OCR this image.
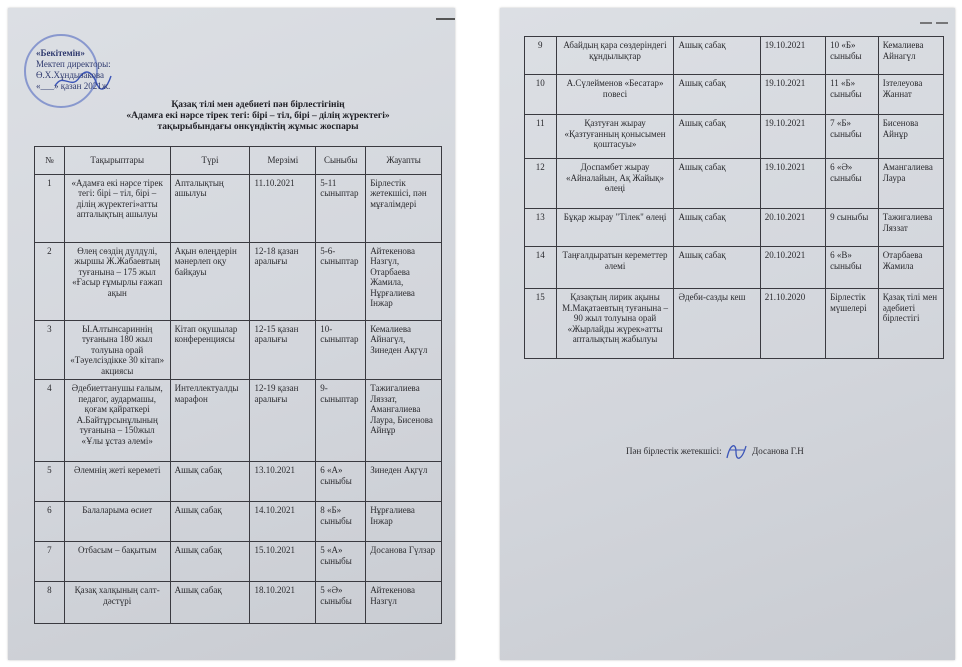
«Бекітемін»
Мектеп директоры:
Ө.Х.Хұндызакова
«___» қазан 2021ж.
Қазақ тілі мен әдебиеті пән бірлестігінің
«Адамға екі нәрсе тірек тегі: бірі – тіл, бірі – ділің жүректегі»
тақырыбындағы онкүндіктің жұмыс жоспары
№	Тақырыптары	Түрі	Мерзімі	Сыныбы	Жауапты
1	«Адамға екі нәрсе тірек тегі: бірі – тіл, бірі – ділің жүректегі»атты апталықтың ашылуы	Апталықтың ашылуы	11.10.2021	5-11 сыныптар	Бірлестік жетекшісі, пән мұғалімдері
2	Өлең сөздің дүлдүлі, жыршы Ж.Жабаевтың туғанына – 175 жыл «Ғасыр ғұмырлы ғажап ақын	Ақын өлеңдерін мәнерлеп оқу байқауы	12-18 қазан аралығы	5-6-сыныптар	Айтекенова Назгүл, Отарбаева Жамила, Нұрғалиева Інжар
3	Ы.Алтынсариннің туғанына 180 жыл толуына орай «Тәуелсіздікке 30 кітап» акциясы	Кітап оқушылар конференциясы	12-15 қазан аралығы	10-сыныптар	Кемалиева Айнагүл, Зинеден Ақгүл
4	Әдебиеттанушы ғалым, педагог, аудармашы, қоғам қайраткері А.Байтұрсынұлының туғанына – 150жыл «Ұлы ұстаз әлемі»	Интеллектуалды марафон	12-19 қазан аралығы	9-сыныптар	Тажигалиева Ляззат, Амангалиева Лаура, Бисенова Айнұр
5	Әлемнің жеті кереметі	Ашық сабақ	13.10.2021	6 «А» сыныбы	Зинеден Ақгүл
6	Балаларыма өсиет	Ашық сабақ	14.10.2021	8 «Б» сыныбы	Нұрғалиева Інжар
7	Отбасым – бақытым	Ашық сабақ	15.10.2021	5 «А» сыныбы	Досанова Гүлзар
8	Қазақ халқының салт-дәстүрі	Ашық сабақ	18.10.2021	5 «Ә» сыныбы	Айтекенова Назгүл
9	Абайдың қара сөздеріндегі құндылықтар	Ашық сабақ	19.10.2021	10 «Б» сыныбы	Кемалиева Айнагүл
10	А.Сүлейменов «Бесатар» повесі	Ашық сабақ	19.10.2021	11 «Б» сыныбы	Ізтелеуова Жаннат
11	Қазтуған жырау «Қазтуғанның қонысымен қоштасуы»	Ашық сабақ	19.10.2021	7 «Б» сыныбы	Бисенова Айнұр
12	Доспамбет жырау «Айналайын, Ақ Жайық» өлеңі	Ашық сабақ	19.10.2021	6 «Ә» сыныбы	Амангалиева Лаура
13	Бұқар жырау "Тілек" өлеңі	Ашық сабақ	20.10.2021	9 сыныбы	Тажигалиева Ляззат
14	Таңғалдыратын кереметтер әлемі	Ашық сабақ	20.10.2021	6 «В» сыныбы	Отарбаева Жамила
15	Қазақтың лирик ақыны М.Мақатаевтың туғанына – 90 жыл толуына орай «Жырлайды жүрек»атты апталықтың жабылуы	Әдеби-сазды кеш	21.10.2020	Бірлестік мүшелері	Қазақ тілі мен әдебиеті бірлестігі
Пән бірлестік жетекшісі:	Досанова Г.Н
